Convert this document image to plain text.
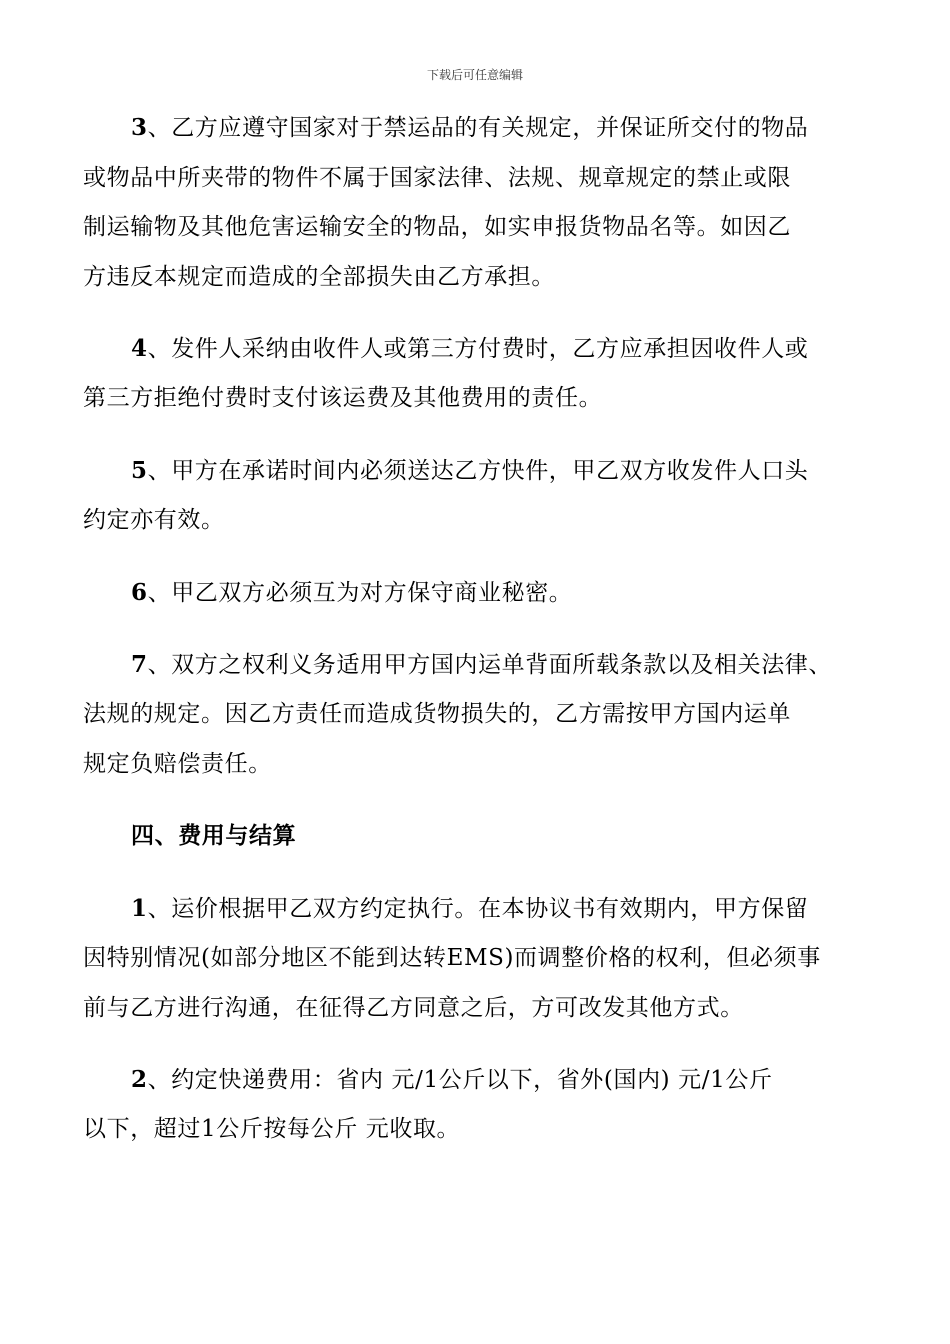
下载后可任意编辑
3、乙方应遵守国家对于禁运品的有关规定，并保证所交付的物品
或物品中所夹带的物件不属于国家法律、法规、规章规定的禁止或限
制运输物及其他危害运输安全的物品，如实申报货物品名等。如因乙
方违反本规定而造成的全部损失由乙方承担。
4、发件人采纳由收件人或第三方付费时，乙方应承担因收件人或
第三方拒绝付费时支付该运费及其他费用的责任。
5、甲方在承诺时间内必须送达乙方快件，甲乙双方收发件人口头
约定亦有效。
6、甲乙双方必须互为对方保守商业秘密。
7、双方之权利义务适用甲方国内运单背面所载条款以及相关法律、
法规的规定。因乙方责任而造成货物损失的，乙方需按甲方国内运单
规定负赔偿责任。
四、费用与结算
1、运价根据甲乙双方约定执行。在本协议书有效期内，甲方保留
因特别情况(如部分地区不能到达转EMS)而调整价格的权利，但必须事
前与乙方进行沟通，在征得乙方同意之后，方可改发其他方式。
2、约定快递费用：省内 元/1公斤以下，省外(国内) 元/1公斤
以下，超过1公斤按每公斤 元收取。
